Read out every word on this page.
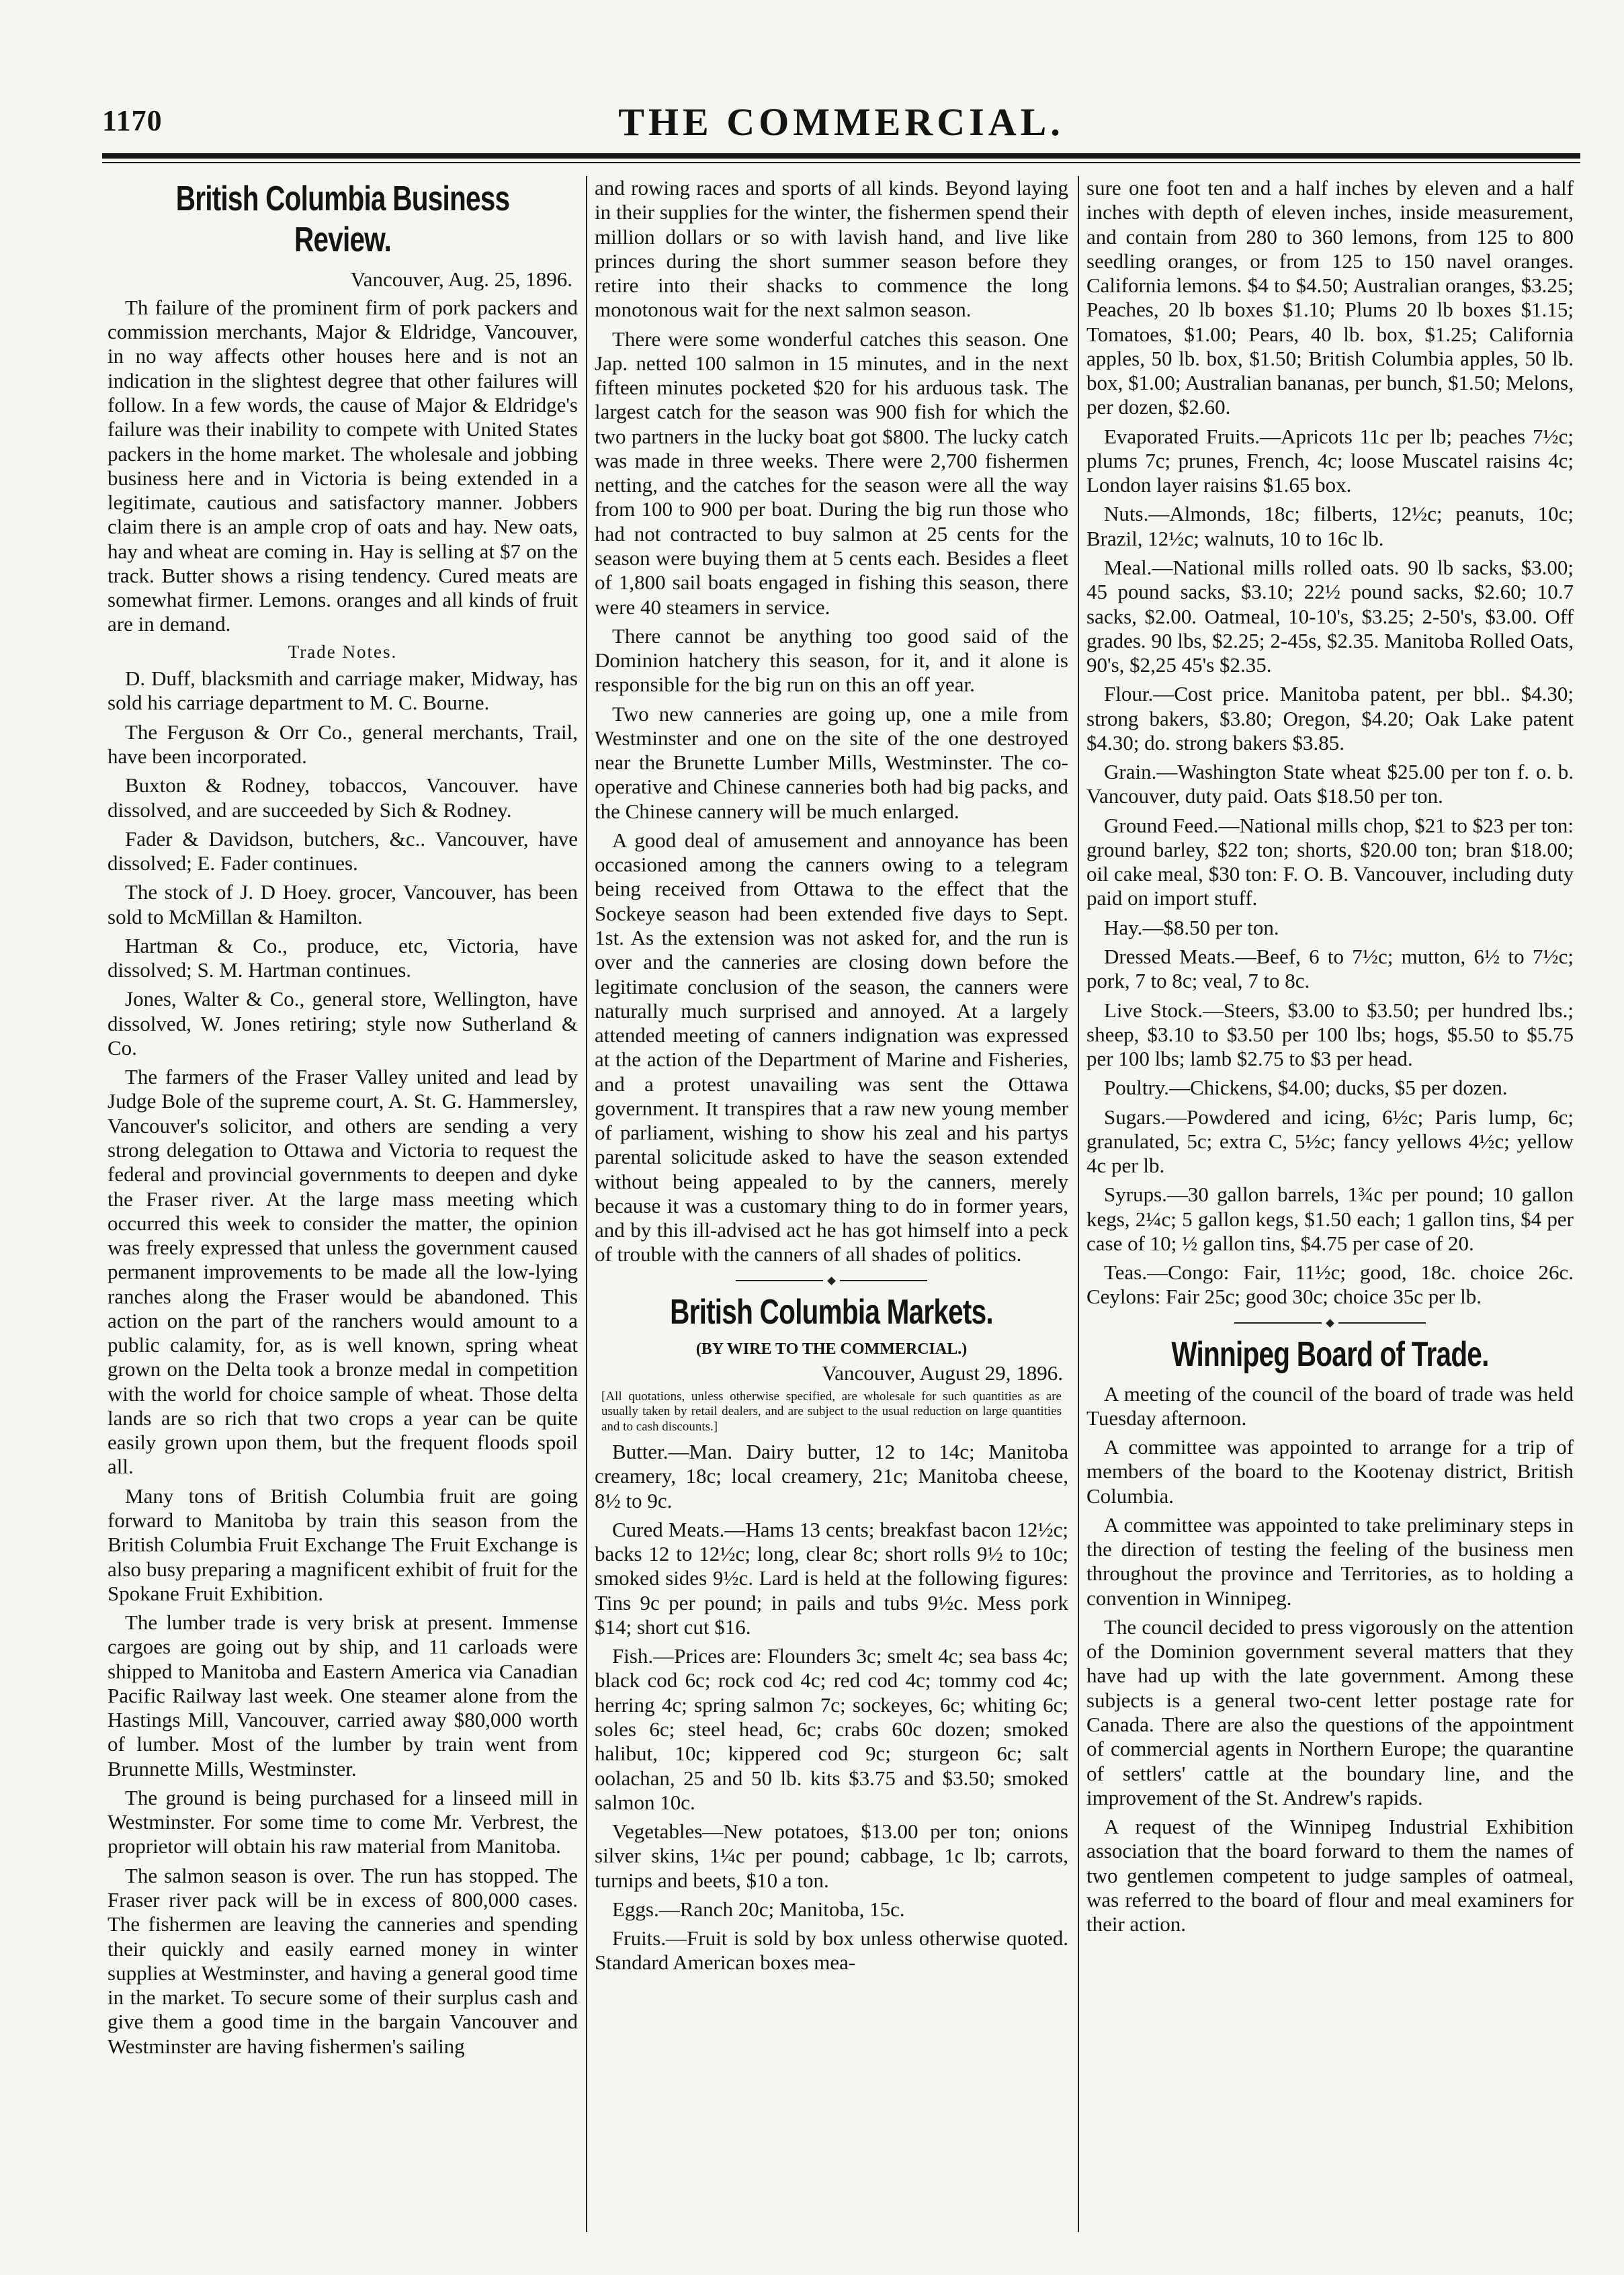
1170	THE COMMERCIAL.
British Columbia Business Review.
Vancouver, Aug. 25, 1896.

Th failure of the prominent firm of pork packers and commission merchants, Major & Eldridge, Vancouver, in no way affects other houses here and is not an indication in the slightest degree that other failures will follow. In a few words, the cause of Major & Eldridge's failure was their inability to compete with United States packers in the home market. The wholesale and jobbing business here and in Victoria is being extended in a legitimate, cautious and satisfactory manner. Jobbers claim there is an ample crop of oats and hay. New oats, hay and wheat are coming in. Hay is selling at $7 on the track. Butter shows a rising tendency. Cured meats are somewhat firmer. Lemons. oranges and all kinds of fruit are in demand.

Trade Notes.

D. Duff, blacksmith and carriage maker, Midway, has sold his carriage department to M. C. Bourne.

The Ferguson & Orr Co., general merchants, Trail, have been incorporated.

Buxton & Rodney, tobaccos, Vancouver. have dissolved, and are succeeded by Sich & Rodney.

Fader & Davidson, butchers, &c.. Vancouver, have dissolved; E. Fader continues.

The stock of J. D Hoey. grocer, Vancouver, has been sold to McMillan & Hamilton.

Hartman & Co., produce, etc, Victoria, have dissolved; S. M. Hartman continues.

Jones, Walter & Co., general store, Wellington, have dissolved, W. Jones retiring; style now Sutherland & Co.

The farmers of the Fraser Valley united and lead by Judge Bole of the supreme court, A. St. G. Hammersley, Vancouver's solicitor, and others are sending a very strong delegation to Ottawa and Victoria to request the federal and provincial governments to deepen and dyke the Fraser river. At the large mass meeting which occurred this week to consider the matter, the opinion was freely expressed that unless the government caused permanent improvements to be made all the low-lying ranches along the Fraser would be abandoned. This action on the part of the ranchers would amount to a public calamity, for, as is well known, spring wheat grown on the Delta took a bronze medal in competition with the world for choice sample of wheat. Those delta lands are so rich that two crops a year can be quite easily grown upon them, but the frequent floods spoil all.

Many tons of British Columbia fruit are going forward to Manitoba by train this season from the British Columbia Fruit Exchange The Fruit Exchange is also busy preparing a magnificent exhibit of fruit for the Spokane Fruit Exhibition.

The lumber trade is very brisk at present. Immense cargoes are going out by ship, and 11 carloads were shipped to Manitoba and Eastern America via Canadian Pacific Railway last week. One steamer alone from the Hastings Mill, Vancouver, carried away $80,000 worth of lumber. Most of the lumber by train went from Brunnette Mills, Westminster.

The ground is being purchased for a linseed mill in Westminster. For some time to come Mr. Verbrest, the proprietor will obtain his raw material from Manitoba.

The salmon season is over. The run has stopped. The Fraser river pack will be in excess of 800,000 cases. The fishermen are leaving the canneries and spending their quickly and easily earned money in winter supplies at Westminster, and having a general good time in the market. To secure some of their surplus cash and give them a good time in the bargain Vancouver and Westminster are having fishermen's sailing

and rowing races and sports of all kinds. Beyond laying in their supplies for the winter, the fishermen spend their million dollars or so with lavish hand, and live like princes during the short summer season before they retire into their shacks to commence the long monotonous wait for the next salmon season.

There were some wonderful catches this season. One Jap. netted 100 salmon in 15 minutes, and in the next fifteen minutes pocketed $20 for his arduous task. The largest catch for the season was 900 fish for which the two partners in the lucky boat got $800. The lucky catch was made in three weeks. There were 2,700 fishermen netting, and the catches for the season were all the way from 100 to 900 per boat. During the big run those who had not contracted to buy salmon at 25 cents for the season were buying them at 5 cents each. Besides a fleet of 1,800 sail boats engaged in fishing this season, there were 40 steamers in service.

There cannot be anything too good said of the Dominion hatchery this season, for it, and it alone is responsible for the big run on this an off year.

Two new canneries are going up, one a mile from Westminster and one on the site of the one destroyed near the Brunette Lumber Mills, Westminster. The co-operative and Chinese canneries both had big packs, and the Chinese cannery will be much enlarged.

A good deal of amusement and annoyance has been occasioned among the canners owing to a telegram being received from Ottawa to the effect that the Sockeye season had been extended five days to Sept. 1st. As the extension was not asked for, and the run is over and the canneries are closing down before the legitimate conclusion of the season, the canners were naturally much surprised and annoyed. At a largely attended meeting of canners indignation was expressed at the action of the Department of Marine and Fisheries, and a protest unavailing was sent the Ottawa government. It transpires that a raw new young member of parliament, wishing to show his zeal and his partys parental solicitude asked to have the season extended without being appealed to by the canners, merely because it was a customary thing to do in former years, and by this ill-advised act he has got himself into a peck of trouble with the canners of all shades of politics.

British Columbia Markets.
(BY WIRE TO THE COMMERCIAL.)
Vancouver, August 29, 1896.
[All quotations, unless otherwise specified, are wholesale for such quantities as are usually taken by retail dealers, and are subject to the usual reduction on large quantities and to cash discounts.]

Butter.—Man. Dairy butter, 12 to 14c; Manitoba creamery, 18c; local creamery, 21c; Manitoba cheese, 8½ to 9c.

Cured Meats.—Hams 13 cents; breakfast bacon 12½c; backs 12 to 12½c; long, clear 8c; short rolls 9½ to 10c; smoked sides 9½c. Lard is held at the following figures: Tins 9c per pound; in pails and tubs 9½c. Mess pork $14; short cut $16.

Fish.—Prices are: Flounders 3c; smelt 4c; sea bass 4c; black cod 6c; rock cod 4c; red cod 4c; tommy cod 4c; herring 4c; spring salmon 7c; sockeyes, 6c; whiting 6c; soles 6c; steel head, 6c; crabs 60c dozen; smoked halibut, 10c; kippered cod 9c; sturgeon 6c; salt oolachan, 25 and 50 lb. kits $3.75 and $3.50; smoked salmon 10c.

Vegetables—New potatoes, $13.00 per ton; onions silver skins, 1¼c per pound; cabbage, 1c lb; carrots, turnips and beets, $10 a ton.

Eggs.—Ranch 20c; Manitoba, 15c.

Fruits.—Fruit is sold by box unless otherwise quoted. Standard American boxes mea-

sure one foot ten and a half inches by eleven and a half inches with depth of eleven inches, inside measurement, and contain from 280 to 360 lemons, from 125 to 800 seedling oranges, or from 125 to 150 navel oranges. California lemons. $4 to $4.50; Australian oranges, $3.25; Peaches, 20 lb boxes $1.10; Plums 20 lb boxes $1.15; Tomatoes, $1.00; Pears, 40 lb. box, $1.25; California apples, 50 lb. box, $1.50; British Columbia apples, 50 lb. box, $1.00; Australian bananas, per bunch, $1.50; Melons, per dozen, $2.60.

Evaporated Fruits.—Apricots 11c per lb; peaches 7½c; plums 7c; prunes, French, 4c; loose Muscatel raisins 4c; London layer raisins $1.65 box.

Nuts.—Almonds, 18c; filberts, 12½c; peanuts, 10c; Brazil, 12½c; walnuts, 10 to 16c lb.

Meal.—National mills rolled oats. 90 lb sacks, $3.00; 45 pound sacks, $3.10; 22½ pound sacks, $2.60; 10.7 sacks, $2.00. Oatmeal, 10-10's, $3.25; 2-50's, $3.00. Off grades. 90 lbs, $2.25; 2-45s, $2.35. Manitoba Rolled Oats, 90's, $2,25 45's $2.35.

Flour.—Cost price. Manitoba patent, per bbl.. $4.30; strong bakers, $3.80; Oregon, $4.20; Oak Lake patent $4.30; do. strong bakers $3.85.

Grain.—Washington State wheat $25.00 per ton f. o. b. Vancouver, duty paid. Oats $18.50 per ton.

Ground Feed.—National mills chop, $21 to $23 per ton: ground barley, $22 ton; shorts, $20.00 ton; bran $18.00; oil cake meal, $30 ton: F. O. B. Vancouver, including duty paid on import stuff.

Hay.—$8.50 per ton.

Dressed Meats.—Beef, 6 to 7½c; mutton, 6½ to 7½c; pork, 7 to 8c; veal, 7 to 8c.

Live Stock.—Steers, $3.00 to $3.50; per hundred lbs.; sheep, $3.10 to $3.50 per 100 lbs; hogs, $5.50 to $5.75 per 100 lbs; lamb $2.75 to $3 per head.

Poultry.—Chickens, $4.00; ducks, $5 per dozen.

Sugars.—Powdered and icing, 6½c; Paris lump, 6c; granulated, 5c; extra C, 5½c; fancy yellows 4½c; yellow 4c per lb.

Syrups.—30 gallon barrels, 1¾c per pound; 10 gallon kegs, 2¼c; 5 gallon kegs, $1.50 each; 1 gallon tins, $4 per case of 10; ½ gallon tins, $4.75 per case of 20.

Teas.—Congo: Fair, 11½c; good, 18c. choice 26c. Ceylons: Fair 25c; good 30c; choice 35c per lb.

Winnipeg Board of Trade.

A meeting of the council of the board of trade was held Tuesday afternoon.

A committee was appointed to arrange for a trip of members of the board to the Kootenay district, British Columbia.

A committee was appointed to take preliminary steps in the direction of testing the feeling of the business men throughout the province and Territories, as to holding a convention in Winnipeg.

The council decided to press vigorously on the attention of the Dominion government several matters that they have had up with the late government. Among these subjects is a general two-cent letter postage rate for Canada. There are also the questions of the appointment of commercial agents in Northern Europe; the quarantine of settlers' cattle at the boundary line, and the improvement of the St. Andrew's rapids.

A request of the Winnipeg Industrial Exhibition association that the board forward to them the names of two gentlemen competent to judge samples of oatmeal, was referred to the board of flour and meal examiners for their action.
